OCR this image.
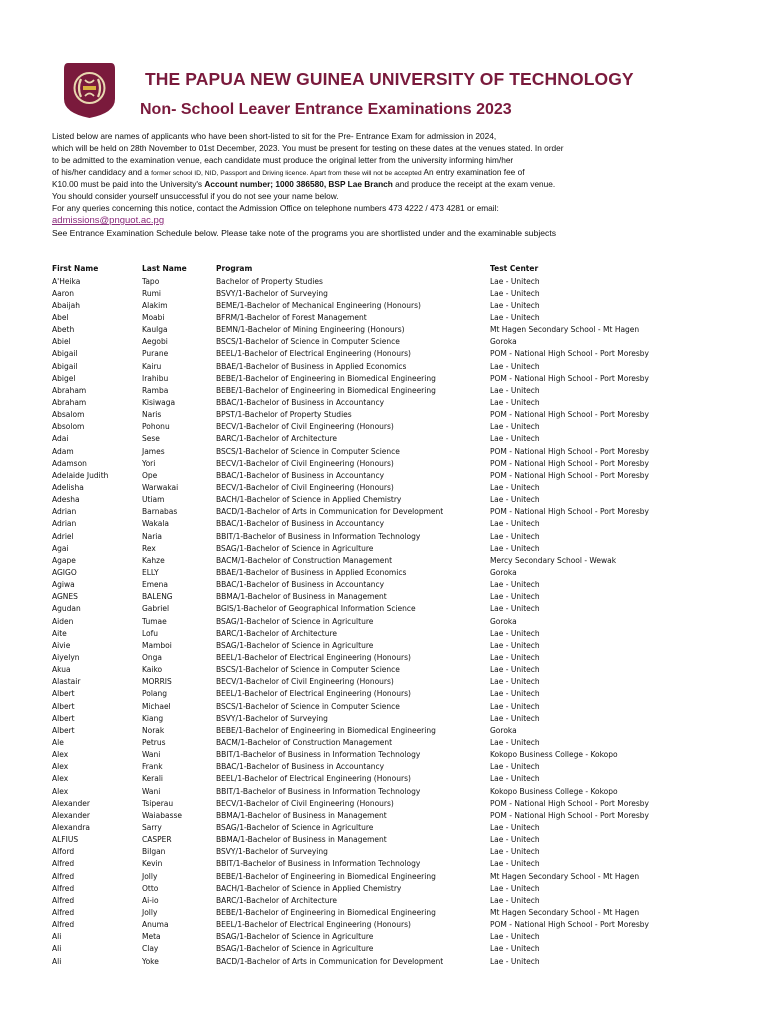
THE PAPUA NEW GUINEA UNIVERSITY OF TECHNOLOGY
Non- School Leaver Entrance Examinations 2023
Listed below are names of applicants who have been short-listed to sit for the Pre- Entrance Exam for admission in 2024,
which will be held on 28th November to 01st December, 2023. You must be present for testing on these dates at the venues stated. In order
to be admitted to the examination venue, each candidate must produce the original letter from the university informing him/her
of his/her candidacy and a former school ID, NID, Passport and Driving licence. Apart from these will not be accepted An entry examination fee of
K10.00 must be paid into the University's Account number; 1000 386580, BSP Lae Branch and produce the receipt at the exam venue.
You should consider yourself unsuccessful if you do not see your name below.
For any queries concerning this notice, contact the Admission Office on telephone numbers 473 4222 / 473 4281 or email:
admissions@pnguot.ac.pg
See Entrance Examination Schedule below. Please take note of the programs you are shortlisted under and the examinable subjects
First Name	Last Name	Program	Test Center
A'Heika	Tapo	Bachelor of Property Studies	Lae - Unitech
Aaron	Rumi	BSVY/1-Bachelor of Surveying	Lae - Unitech
Abaijah	Alakim	BEME/1-Bachelor of Mechanical Engineering (Honours)	Lae - Unitech
Abel	Moabi	BFRM/1-Bachelor of Forest Management	Lae - Unitech
Abeth	Kaulga	BEMN/1-Bachelor of Mining Engineering (Honours)	Mt Hagen Secondary School - Mt Hagen
Abiel	Aegobi	BSCS/1-Bachelor of Science in Computer Science	Goroka
Abigail	Purane	BEEL/1-Bachelor of Electrical Engineering (Honours)	POM - National High School - Port Moresby
Abigail	Kairu	BBAE/1-Bachelor of Business in Applied Economics	Lae - Unitech
Abigel	Irahibu	BEBE/1-Bachelor of Engineering in Biomedical Engineering	POM - National High School - Port Moresby
Abraham	Ramba	BEBE/1-Bachelor of Engineering in Biomedical Engineering	Lae - Unitech
Abraham	Kisiwaga	BBAC/1-Bachelor of Business in Accountancy	Lae - Unitech
Absalom	Naris	BPST/1-Bachelor of Property Studies	POM - National High School - Port Moresby
Absolom	Pohonu	BECV/1-Bachelor of Civil Engineering (Honours)	Lae - Unitech
Adai	Sese	BARC/1-Bachelor of Architecture	Lae - Unitech
Adam	James	BSCS/1-Bachelor of Science in Computer Science	POM - National High School - Port Moresby
Adamson	Yori	BECV/1-Bachelor of Civil Engineering (Honours)	POM - National High School - Port Moresby
Adelaide Judith	Ope	BBAC/1-Bachelor of Business in Accountancy	POM - National High School - Port Moresby
Adelisha	Warwakai	BECV/1-Bachelor of Civil Engineering (Honours)	Lae - Unitech
Adesha	Utiam	BACH/1-Bachelor of Science in Applied Chemistry	Lae - Unitech
Adrian	Barnabas	BACD/1-Bachelor of Arts in Communication for Development	POM - National High School - Port Moresby
Adrian	Wakala	BBAC/1-Bachelor of Business in Accountancy	Lae - Unitech
Adriel	Naria	BBIT/1-Bachelor of Business in Information Technology	Lae - Unitech
Agai	Rex	BSAG/1-Bachelor of Science in Agriculture	Lae - Unitech
Agape	Kahze	BACM/1-Bachelor of Construction Management	Mercy Secondary School - Wewak
AGIGO	ELLY	BBAE/1-Bachelor of Business in Applied Economics	Goroka
Agiwa	Emena	BBAC/1-Bachelor of Business in Accountancy	Lae - Unitech
AGNES	BALENG	BBMA/1-Bachelor of Business in Management	Lae - Unitech
Agudan	Gabriel	BGIS/1-Bachelor of Geographical Information Science	Lae - Unitech
Aiden	Tumae	BSAG/1-Bachelor of Science in Agriculture	Goroka
Aite	Lofu	BARC/1-Bachelor of Architecture	Lae - Unitech
Aivie	Mamboi	BSAG/1-Bachelor of Science in Agriculture	Lae - Unitech
Aiyelyn	Onga	BEEL/1-Bachelor of Electrical Engineering (Honours)	Lae - Unitech
Akua	Kaiko	BSCS/1-Bachelor of Science in Computer Science	Lae - Unitech
Alastair	MORRIS	BECV/1-Bachelor of Civil Engineering (Honours)	Lae - Unitech
Albert	Polang	BEEL/1-Bachelor of Electrical Engineering (Honours)	Lae - Unitech
Albert	Michael	BSCS/1-Bachelor of Science in Computer Science	Lae - Unitech
Albert	Kiang	BSVY/1-Bachelor of Surveying	Lae - Unitech
Albert	Norak	BEBE/1-Bachelor of Engineering in Biomedical Engineering	Goroka
Ale	Petrus	BACM/1-Bachelor of Construction Management	Lae - Unitech
Alex	Wani	BBIT/1-Bachelor of Business in Information Technology	Kokopo Business College - Kokopo
Alex	Frank	BBAC/1-Bachelor of Business in Accountancy	Lae - Unitech
Alex	Kerali	BEEL/1-Bachelor of Electrical Engineering (Honours)	Lae - Unitech
Alex	Wani	BBIT/1-Bachelor of Business in Information Technology	Kokopo Business College - Kokopo
Alexander	Tsiperau	BECV/1-Bachelor of Civil Engineering (Honours)	POM - National High School - Port Moresby
Alexander	Waiabasse	BBMA/1-Bachelor of Business in Management	POM - National High School - Port Moresby
Alexandra	Sarry	BSAG/1-Bachelor of Science in Agriculture	Lae - Unitech
ALFIUS	CASPER	BBMA/1-Bachelor of Business in Management	Lae - Unitech
Alford	Bilgan	BSVY/1-Bachelor of Surveying	Lae - Unitech
Alfred	Kevin	BBIT/1-Bachelor of Business in Information Technology	Lae - Unitech
Alfred	Jolly	BEBE/1-Bachelor of Engineering in Biomedical Engineering	Mt Hagen Secondary School - Mt Hagen
Alfred	Otto	BACH/1-Bachelor of Science in Applied Chemistry	Lae - Unitech
Alfred	Ai-io	BARC/1-Bachelor of Architecture	Lae - Unitech
Alfred	Jolly	BEBE/1-Bachelor of Engineering in Biomedical Engineering	Mt Hagen Secondary School - Mt Hagen
Alfred	Anuma	BEEL/1-Bachelor of Electrical Engineering (Honours)	POM - National High School - Port Moresby
Ali	Meta	BSAG/1-Bachelor of Science in Agriculture	Lae - Unitech
Ali	Clay	BSAG/1-Bachelor of Science in Agriculture	Lae - Unitech
Ali	Yoke	BACD/1-Bachelor of Arts in Communication for Development	Lae - Unitech
